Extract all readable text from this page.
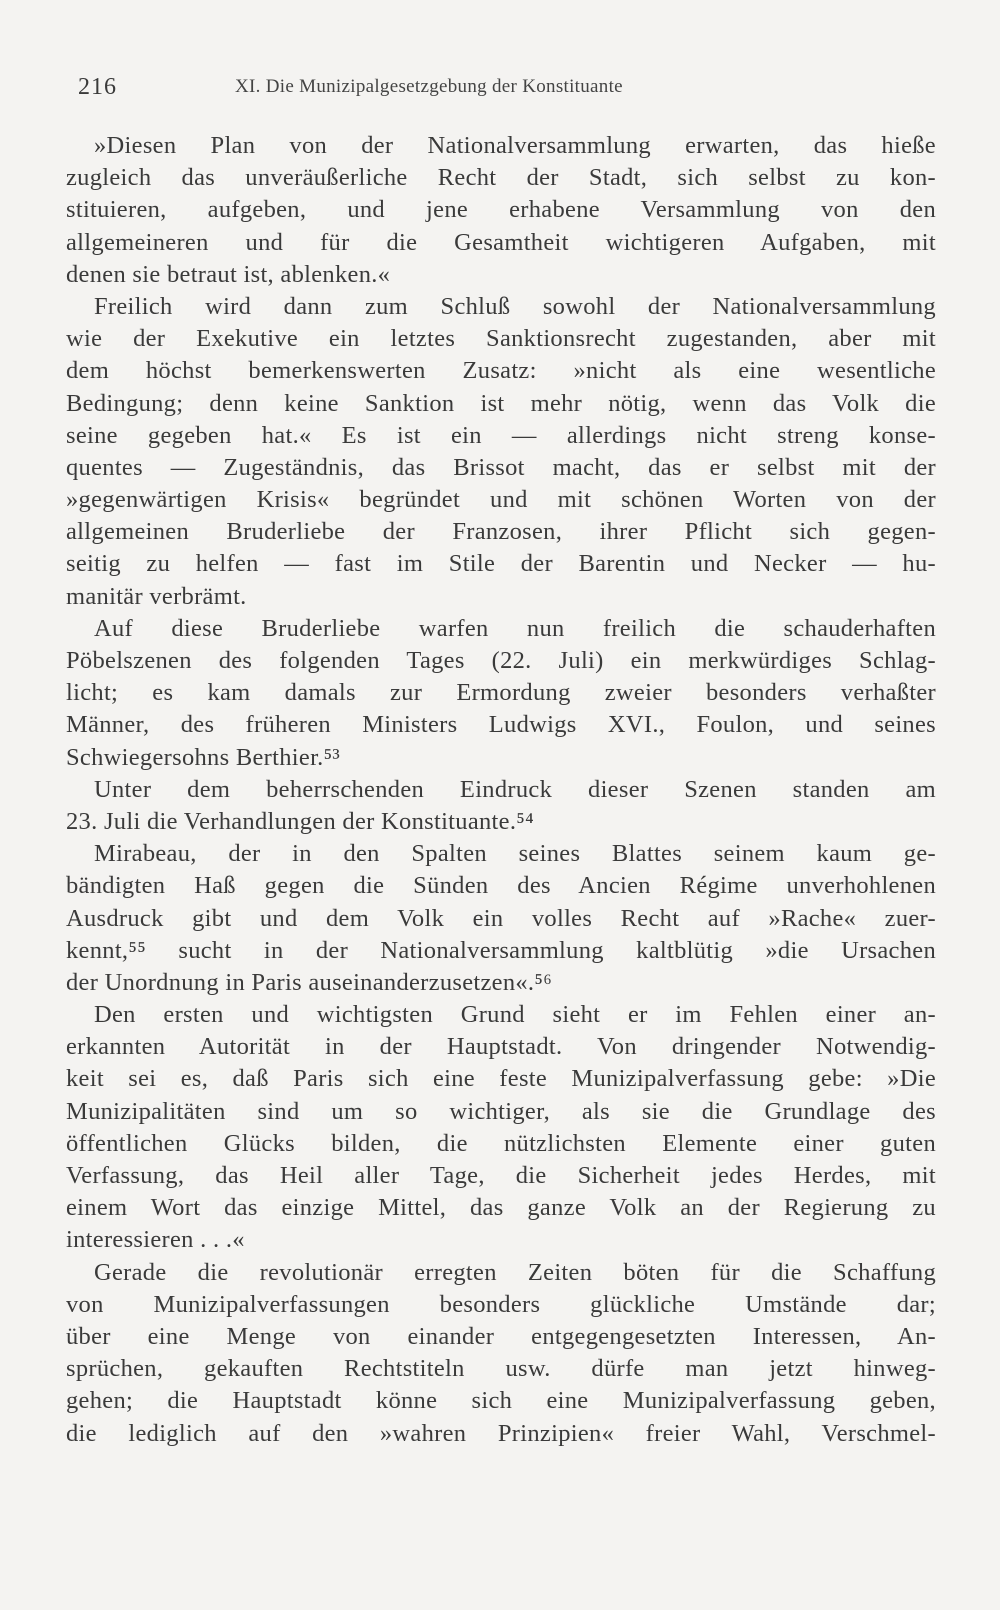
216	XI. Die Munizipalgesetzgebung der Konstituante
»Diesen Plan von der Nationalversammlung erwarten, das hieße
zugleich das unveräußerliche Recht der Stadt, sich selbst zu kon-
stituieren, aufgeben, und jene erhabene Versammlung von den
allgemeineren und für die Gesamtheit wichtigeren Aufgaben, mit
denen sie betraut ist, ablenken.«
Freilich wird dann zum Schluß sowohl der Nationalversammlung
wie der Exekutive ein letztes Sanktionsrecht zugestanden, aber mit
dem höchst bemerkenswerten Zusatz: »nicht als eine wesentliche
Bedingung; denn keine Sanktion ist mehr nötig, wenn das Volk die
seine gegeben hat.« Es ist ein — allerdings nicht streng konse-
quentes — Zugeständnis, das Brissot macht, das er selbst mit der
»gegenwärtigen Krisis« begründet und mit schönen Worten von der
allgemeinen Bruderliebe der Franzosen, ihrer Pflicht sich gegen-
seitig zu helfen — fast im Stile der Barentin und Necker — hu-
manitär verbrämt.
Auf diese Bruderliebe warfen nun freilich die schauderhaften
Pöbelszenen des folgenden Tages (22. Juli) ein merkwürdiges Schlag-
licht; es kam damals zur Ermordung zweier besonders verhaßter
Männer, des früheren Ministers Ludwigs XVI., Foulon, und seines
Schwiegersohns Berthier.⁵³
Unter dem beherrschenden Eindruck dieser Szenen standen am
23. Juli die Verhandlungen der Konstituante.⁵⁴
Mirabeau, der in den Spalten seines Blattes seinem kaum ge-
bändigten Haß gegen die Sünden des Ancien Régime unverhohlenen
Ausdruck gibt und dem Volk ein volles Recht auf »Rache« zuer-
kennt,⁵⁵ sucht in der Nationalversammlung kaltblütig »die Ursachen
der Unordnung in Paris auseinanderzusetzen«.⁵⁶
Den ersten und wichtigsten Grund sieht er im Fehlen einer an-
erkannten Autorität in der Hauptstadt. Von dringender Notwendig-
keit sei es, daß Paris sich eine feste Munizipalverfassung gebe: »Die
Munizipalitäten sind um so wichtiger, als sie die Grundlage des
öffentlichen Glücks bilden, die nützlichsten Elemente einer guten
Verfassung, das Heil aller Tage, die Sicherheit jedes Herdes, mit
einem Wort das einzige Mittel, das ganze Volk an der Regierung zu
interessieren . . .«
Gerade die revolutionär erregten Zeiten böten für die Schaffung
von Munizipalverfassungen besonders glückliche Umstände dar;
über eine Menge von einander entgegengesetzten Interessen, An-
sprüchen, gekauften Rechtstiteln usw. dürfe man jetzt hinweg-
gehen; die Hauptstadt könne sich eine Munizipalverfassung geben,
die lediglich auf den »wahren Prinzipien« freier Wahl, Verschmel-
